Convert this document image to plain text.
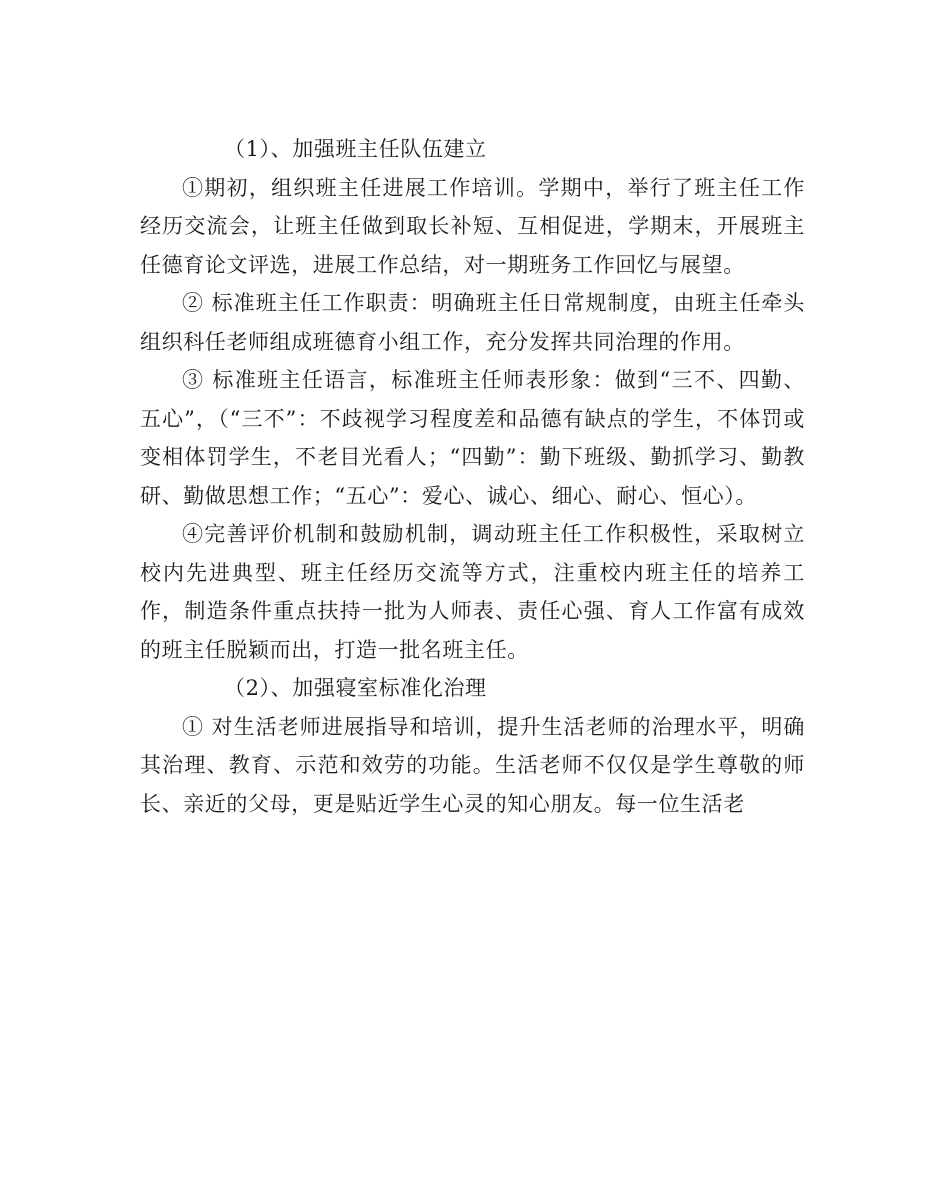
（1）、加强班主任队伍建立

①期初，组织班主任进展工作培训。学期中，举行了班主任工作经历交流会，让班主任做到取长补短、互相促进，学期末，开展班主任德育论文评选，进展工作总结，对一期班务工作回忆与展望。

② 标准班主任工作职责：明确班主任日常规制度，由班主任牵头组织科任老师组成班德育小组工作，充分发挥共同治理的作用。

③ 标准班主任语言，标准班主任师表形象：做到“三不、四勤、五心”，（“三不”：不歧视学习程度差和品德有缺点的学生，不体罚或变相体罚学生，不老目光看人；“四勤”：勤下班级、勤抓学习、勤教研、勤做思想工作；“五心”：爱心、诚心、细心、耐心、恒心）。

④完善评价机制和鼓励机制，调动班主任工作积极性，采取树立校内先进典型、班主任经历交流等方式，注重校内班主任的培养工作，制造条件重点扶持一批为人师表、责任心强、育人工作富有成效的班主任脱颖而出，打造一批名班主任。

（2）、加强寝室标准化治理

① 对生活老师进展指导和培训，提升生活老师的治理水平，明确其治理、教育、示范和效劳的功能。生活老师不仅仅是学生尊敬的师长、亲近的父母，更是贴近学生心灵的知心朋友。每一位生活老
